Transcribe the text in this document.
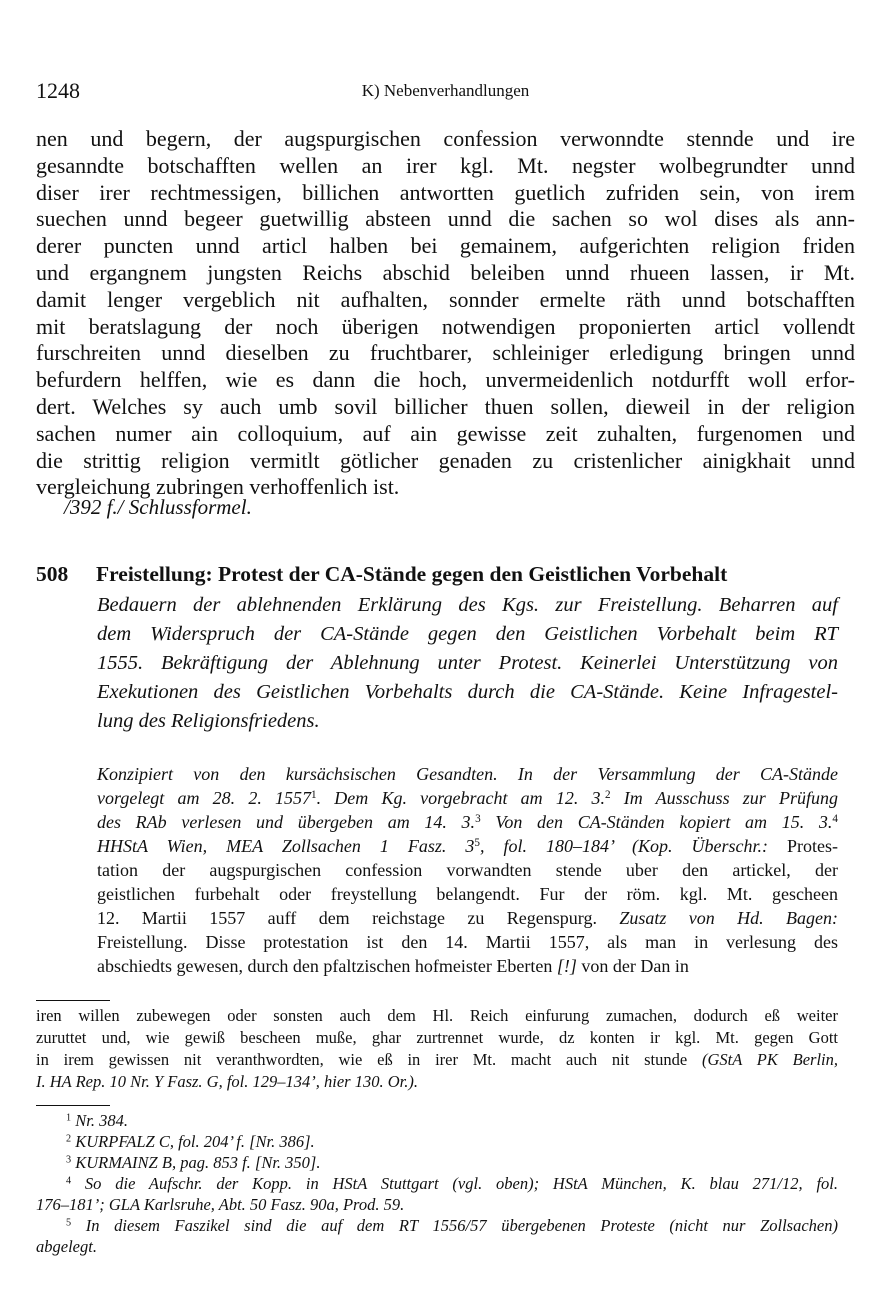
1248	K) Nebenverhandlungen
nen und begern, der augspurgischen confession verwonndte stennde und ire
gesanndte botschafften wellen an irer kgl. Mt. negster wolbegrundter unnd
diser irer rechtmessigen, billichen antwortten guetlich zufriden sein, von irem
suechen unnd begeer guetwillig absteen unnd die sachen so wol dises als ann-
derer puncten unnd articl halben bei gemainem, aufgerichten religion friden
und ergangnem jungsten Reichs abschid beleiben unnd rhueen lassen, ir Mt.
damit lenger vergeblich nit aufhalten, sonnder ermelte räth unnd botschafften
mit beratslagung der noch überigen notwendigen proponierten articl vollendt
furschreiten unnd dieselben zu fruchtbarer, schleiniger erledigung bringen unnd
befurdern helffen, wie es dann die hoch, unvermeidenlich notdurfft woll erfor-
dert. Welches sy auch umb sovil billicher thuen sollen, dieweil in der religion
sachen numer ain colloquium, auf ain gewisse zeit zuhalten, furgenomen und
die strittig religion vermitlt götlicher genaden zu cristenlicher ainigkhait unnd
vergleichung zubringen verhoffenlich ist.
/392 f./ Schlussformel.
508 Freistellung: Protest der CA-Stände gegen den Geistlichen Vorbehalt
Bedauern der ablehnenden Erklärung des Kgs. zur Freistellung. Beharren auf
dem Widerspruch der CA-Stände gegen den Geistlichen Vorbehalt beim RT
1555. Bekräftigung der Ablehnung unter Protest. Keinerlei Unterstützung von
Exekutionen des Geistlichen Vorbehalts durch die CA-Stände. Keine Infragestel-
lung des Religionsfriedens.
Konzipiert von den kursächsischen Gesandten. In der Versammlung der CA-Stände
vorgelegt am 28. 2. 1557$^1$. Dem Kg. vorgebracht am 12. 3.$^2$ Im Ausschuss zur Prüfung
des RAb verlesen und übergeben am 14. 3.$^3$ Von den CA-Ständen kopiert am 15. 3.$^4$
HHStA Wien, MEA Zollsachen 1 Fasz. $3^5$, fol. 180–184’ (Kop. Überschr.: Protes-
tation der augspurgischen confession vorwandten stende uber den artickel, der
geistlichen furbehalt oder freystellung belangendt. Fur der röm. kgl. Mt. gescheen
12. Martii 1557 auff dem reichstage zu Regenspurg. Zusatz von Hd. Bagen:
Freistellung. Disse protestation ist den 14. Martii 1557, als man in verlesung des
abschiedts gewesen, durch den pfaltzischen hofmeister Eberten [!] von der Dan in
iren willen zubewegen oder sonsten auch dem Hl. Reich einfurung zumachen, dodurch eß weiter
zuruttet und, wie gewiß bescheen muße, ghar zurtrennet wurde, dz konten ir kgl. Mt. gegen Gott
in irem gewissen nit veranthwordten, wie eß in irer Mt. macht auch nit stunde (GStA PK Berlin,
I. HA Rep. 10 Nr. Y Fasz. G, fol. 129–134’, hier 130. Or.).
$^1$ Nr. 384.
$^2$ KURPFALZ C, fol. 204’ f. [Nr. 386].
$^3$ KURMAINZ B, pag. 853 f. [Nr. 350].
$^4$ So die Aufschr. der Kopp. in HStA Stuttgart (vgl. oben); HStA München, K. blau 271/12, fol.
176–181’; GLA Karlsruhe, Abt. 50 Fasz. 90a, Prod. 59.
$^5$ In diesem Faszikel sind die auf dem RT 1556/57 übergebenen Proteste (nicht nur Zollsachen)
abgelegt.
